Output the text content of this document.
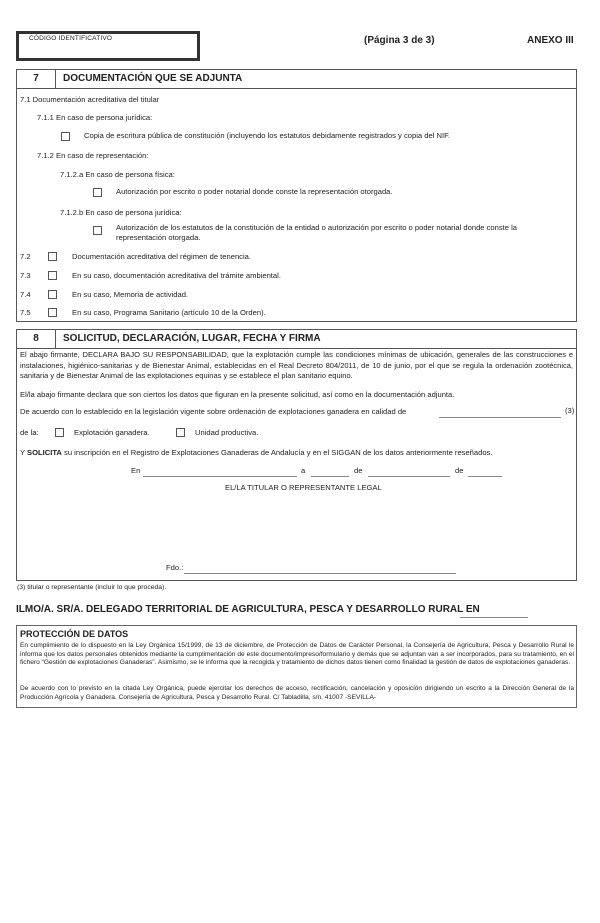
CÓDIGO IDENTIFICATIVO	(Página 3 de 3)	ANEXO III
7	DOCUMENTACIÓN QUE SE ADJUNTA
7.1 Documentación acreditativa del titular
7.1.1 En caso de persona jurídica:
Copia de escritura pública de constitución (incluyendo los estatutos debidamente registrados y copia del NIF.
7.1.2 En caso de representación:
7.1.2.a En caso de persona física:
Autorización por escrito o poder notarial donde conste la representación otorgada.
7.1.2.b En caso de persona jurídica:
Autorización de los estatutos de la constitución de la entidad o autorización por escrito o poder notarial donde conste la
representación otorgada.
7.2	Documentación acreditativa del régimen de tenencia.
7.3	En su caso, documentación acreditativa del trámite ambiental.
7.4	En su caso, Memoria de actividad.
7.5	En su caso, Programa Sanitario (artículo 10 de la Orden).
8	SOLICITUD, DECLARACIÓN, LUGAR, FECHA Y FIRMA
El abajo firmante, DECLARA BAJO SU RESPONSABILIDAD, que la explotación cumple las condiciones mínimas de ubicación, generales de las construcciones e instalaciones, higiénico-sanitarias y de Bienestar Animal, establecidas en el Real Decreto 804/2011, de 10 de junio, por el que se regula la ordenación zootécnica, sanitaria y de Bienestar Animal de las explotaciones equinas y se establece el plan sanitario equino.
El/la abajo firmante declara que son ciertos los datos que figuran en la presente solicitud, así como en la documentación adjunta.
De acuerdo con lo establecido en la legislación vigente sobre ordenación de explotaciones ganadera en calidad de	(3)
de la:	Explotación ganadera.	Unidad productiva.
Y SOLICITA su inscripción en el Registro de Explotaciones Ganaderas de Andalucía y en el SIGGAN de los datos anteriormente reseñados.
En	a	de	de
EL/LA TITULAR O REPRESENTANTE LEGAL
Fdo.:
(3) titular o representante (incluir lo que proceda).
ILMO/A. SR/A. DELEGADO TERRITORIAL DE AGRICULTURA, PESCA Y DESARROLLO RURAL EN
PROTECCIÓN DE DATOS
En cumplimiento de lo dispuesto en la Ley Orgánica 15/1999, de 13 de diciembre, de Protección de Datos de Carácter Personal, la Consejería de Agricultura, Pesca y Desarrollo Rural le informa que los datos personales obtenidos mediante la cumplimentación de este documento/impreso/formulario y demás que se adjuntan van a ser incorporados, para su tratamiento, en el fichero “Gestión de explotaciones Ganaderas”. Asimismo, se le informa que la recogida y tratamiento de dichos datos tienen como finalidad la gestión de datos de explotaciones ganaderas.
De acuerdo con lo previsto en la citada Ley Orgánica, puede ejercitar los derechos de acceso, rectificación, cancelación y oposición dirigiendo un escrito a la Dirección General de la Producción Agrícola y Ganadera. Consejería de Agricultura, Pesca y Desarrollo Rural. C/ Tabladilla, s/n. 41007 -SEVILLA-
